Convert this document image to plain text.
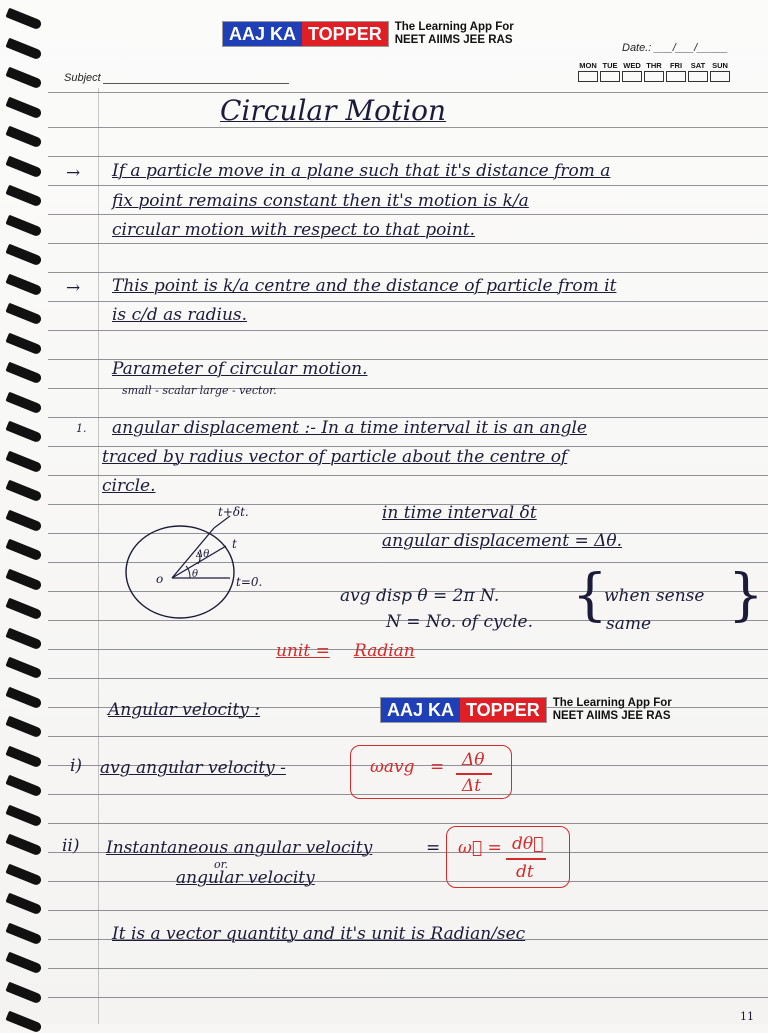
AAJ KA TOPPER	The Learning App For
NEET AIIMS JEE RAS
Subject
Date.: ___/___/_____
MON TUE WED THR	FRI	SAT SUN
Circular Motion
→ If a particle move in a plane such that it's distance from a
fix point remains constant then it's motion is k/a
circular motion with respect to that point.
→ This point is k/a centre and the distance of particle from it
is c/d as radius.
Parameter of circular motion.
small - scalar large - vector.
1. angular displacement :- In a time interval it is an angle
traced by radius vector of particle about the centre of
circle.
in time interval δt
angular displacement = Δθ.
o
t+δt.
t
t=0.
Δθ
θ
avg disp θ = 2π N.
N = No. of cycle. {
when sense
same }
unit = Radian
AAJ KA TOPPER	The Learning App For
NEET AIIMS JEE RAS
Angular velocity :
i) avg angular velocity -	ωavg = Δθ
Δt
ii) Instantaneous angular velocity
or.
angular velocity
= ω⃗ = dθ⃗
dt
It is a vector quantity and it's unit is Radian/sec
11
